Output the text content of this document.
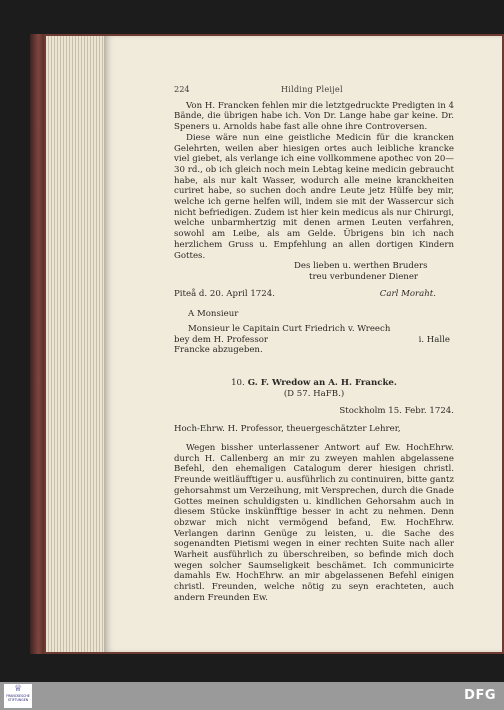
224	Hilding Pleijel

Von H. Francken fehlen mir die letztgedruckte Predigten in 4 Bände, die übrigen habe ich. Von Dr. Lange habe gar keine. Dr. Speners u. Arnolds habe fast alle ohne ihre Controversen.

Diese wäre nun eine geistliche Medicin für die krancken Gelehrten, weilen aber hiesigen ortes auch leibliche krancke viel giebet, als verlange ich eine vollkommene apothec von 20—30 rd., ob ich gleich noch mein Lebtag keine medicin gebraucht habe, als nur kalt Wasser, wodurch alle meine kranckheiten curiret habe, so suchen doch andre Leute jetz Hülfe bey mir, welche ich gerne helfen will, indem sie mit der Wassercur sich nicht befriedigen. Zudem ist hier kein medicus als nur Chirurgi, welche unbarmhertzig mit denen armen Leuten verfahren, sowohl am Leibe, als am Gelde. Übrigens bin ich nach herzlichem Gruss u. Empfehlung an allen dortigen Kindern Gottes.

Des lieben u. werthen Bruders
treu verbundener Diener
Piteå d. 20. April 1724.	Carl Moraht.
A Monsieur
Monsieur le Capitain Curt Friedrich v. Wreech
bey dem H. Professor	i. Halle
Francke abzugeben.
10. G. F. Wredow an A. H. Francke.
(D 57. HaFB.)
Stockholm 15. Febr. 1724.
Hoch-Ehrw. H. Professor, theuergeschätzter Lehrer,

Wegen bissher unterlassener Antwort auf Ew. HochEhrw. durch H. Callenberg an mir zu zweyen mahlen abgelassene Befehl, den ehemaligen Catalogum derer hiesigen christl. Freunde weitläufftiger u. ausführlich zu continuiren, bitte gantz gehorsahmst um Verzeihung, mit Versprechen, durch die Gnade Gottes meinen schuldigsten u. kindlichen Gehorsahm auch in diesem Stücke inskünfftige besser in acht zu nehmen. Denn obzwar mich nicht vermögend befand, Ew. HochEhrw. Verlangen darinn Genüge zu leisten, u. die Sache des sogenandten Pietismi wegen in einer rechten Suite nach aller Warheit ausführlich zu überschreiben, so befinde mich doch wegen solcher Saumseligkeit beschämet. Ich communicirte damahls Ew. HochEhrw. an mir abgelassenen Befehl einigen christl. Freunden, welche nötig zu seyn erachteten, auch andern Freunden Ew.

♕
FRANCKESCHE STIFTUNGEN	DFG
